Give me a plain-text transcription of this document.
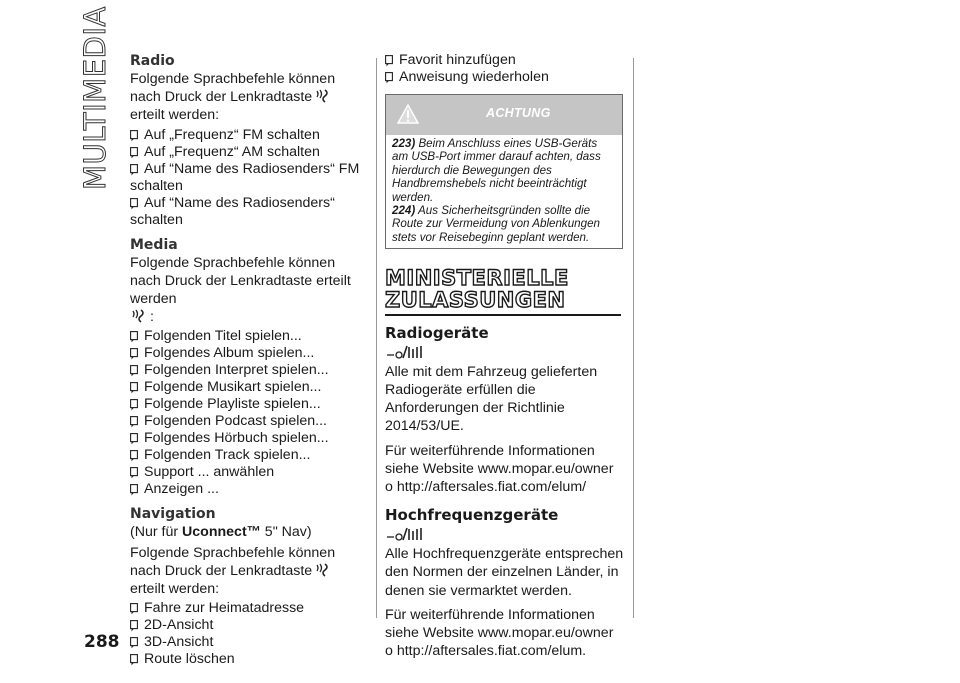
MULTIMEDIA
288
Radio

Folgende Sprachbefehle können nach Druck der Lenkradtasteerteilt werden:

Auf „Frequenz“ FM schalten
Auf „Frequenz“ AM schalten
Auf “Name des Radiosenders“ FM
schalten
Auf “Name des Radiosenders“
schalten
Media

Folgende Sprachbefehle können nach Druck der Lenkradtaste erteilt werden

:

Folgenden Titel spielen...
Folgendes Album spielen...
Folgenden Interpret spielen...
Folgende Musikart spielen...
Folgende Playliste spielen...
Folgenden Podcast spielen...
Folgendes Hörbuch spielen...
Folgenden Track spielen...
Support ... anwählen
Anzeigen ...
Navigation

(Nur für Uconnect™ 5" Nav)

Folgende Sprachbefehle können nach Druck der Lenkradtasteerteilt werden:

Fahre zur Heimatadresse
2D-Ansicht
3D-Ansicht
Route löschen
Favorit hinzufügen
Anweisung wiederholen
ACHTUNG

223) Beim Anschluss eines USB-Geräts am USB-Port immer darauf achten, dass hierdurch die Bewegungen des Handbremshebels nicht beeinträchtigt werden.

224) Aus Sicherheitsgründen sollte die Route zur Vermeidung von Ablenkungen stets vor Reisebeginn geplant werden.

MINISTERIELLE ZULASSUNGEN
Radiogeräte

Alle mit dem Fahrzeug gelieferten Radiogeräte erfüllen die Anforderungen der Richtlinie 2014/53/UE.

Für weiterführende Informationen siehe Website www.mopar.eu/owner o http://aftersales.fiat.com/elum/

Hochfrequenzgeräte

Alle Hochfrequenzgeräte entsprechen den Normen der einzelnen Länder, in denen sie vermarktet werden.

Für weiterführende Informationen siehe Website www.mopar.eu/owner o http://aftersales.fiat.com/elum.
